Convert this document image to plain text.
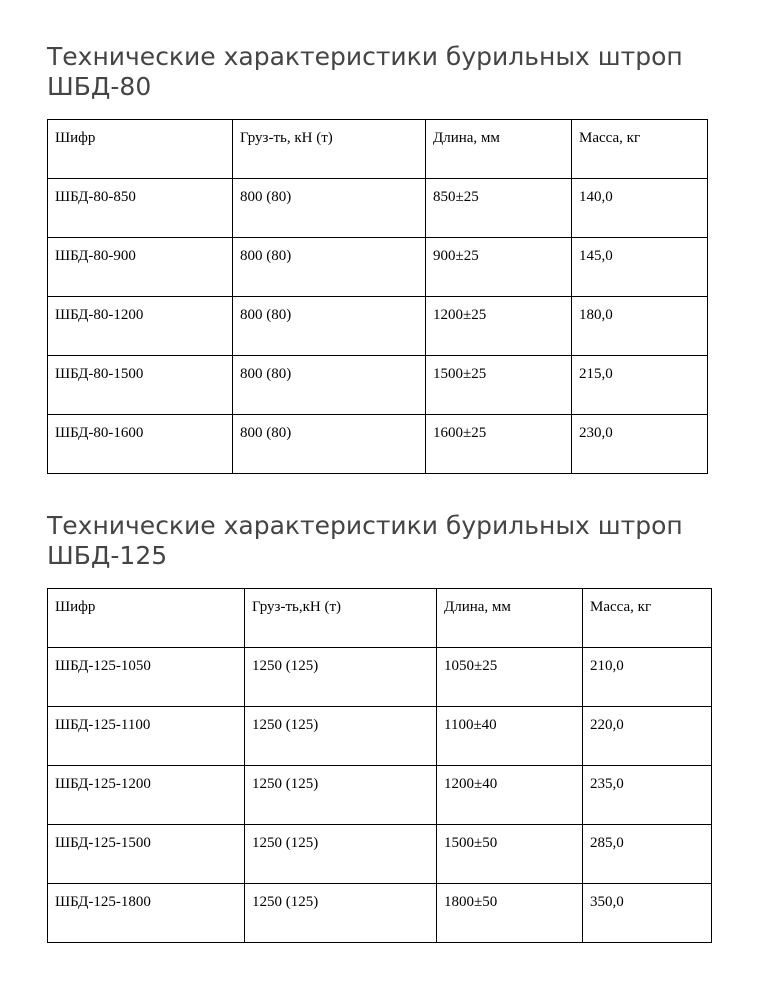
Технические характеристики бурильных штроп
ШБД-80
Шифр	Груз-ть, кН (т)	Длина, мм	Масса, кг
ШБД-80-850	800 (80)	850±25	140,0
ШБД-80-900	800 (80)	900±25	145,0
ШБД-80-1200	800 (80)	1200±25	180,0
ШБД-80-1500	800 (80)	1500±25	215,0
ШБД-80-1600	800 (80)	1600±25	230,0
Технические характеристики бурильных штроп
ШБД-125
Шифр	Груз-ть,кН (т)	Длина, мм	Масса, кг
ШБД-125-1050	1250 (125)	1050±25	210,0
ШБД-125-1100	1250 (125)	1100±40	220,0
ШБД-125-1200	1250 (125)	1200±40	235,0
ШБД-125-1500	1250 (125)	1500±50	285,0
ШБД-125-1800	1250 (125)	1800±50	350,0
